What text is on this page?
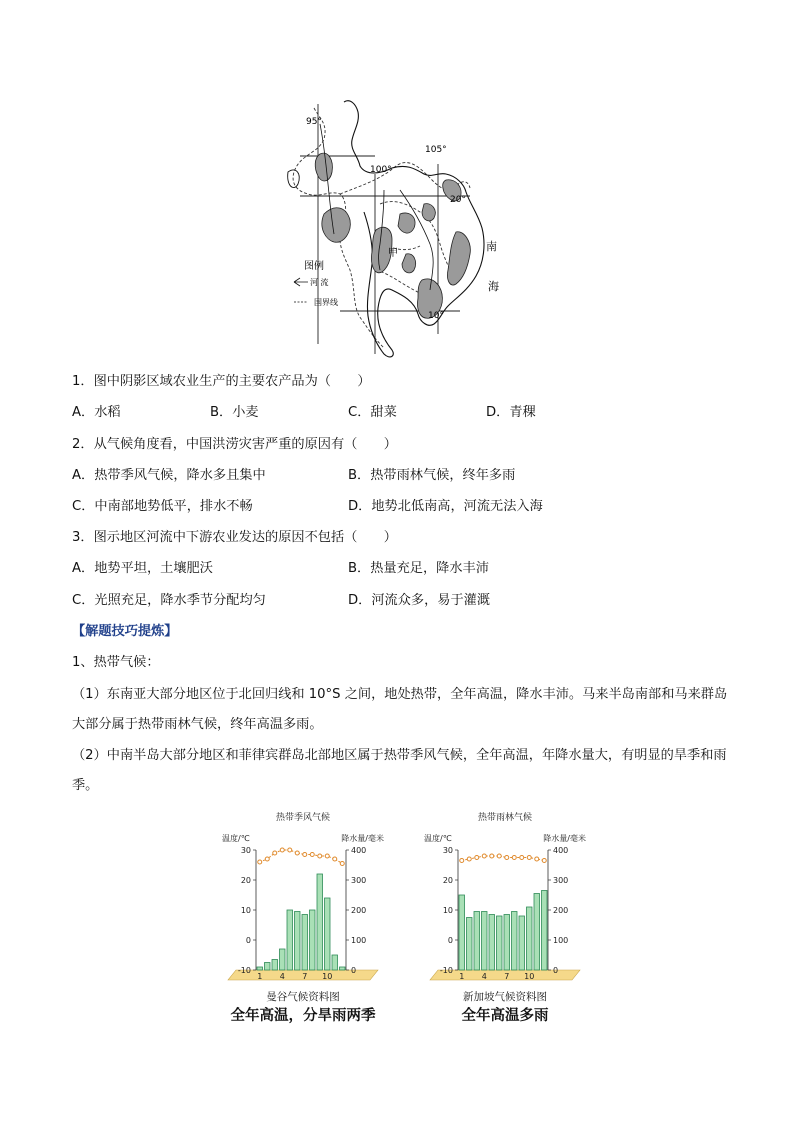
95°
100°
105°
20°
10°
甲
南
海
图例
河 流
国界线
1．图中阴影区域农业生产的主要农产品为（　　）
A．水稻	B．小麦	C．甜菜	D．青稞
2．从气候角度看，中国洪涝灾害严重的原因有（　　）
A．热带季风气候，降水多且集中	B．热带雨林气候，终年多雨
C．中南部地势低平，排水不畅	D．地势北低南高，河流无法入海
3．图示地区河流中下游农业发达的原因不包括（　　）
A．地势平坦，土壤肥沃	B．热量充足，降水丰沛
C．光照充足，降水季节分配均匀	D．河流众多，易于灌溉
【解题技巧提炼】
1、热带气候：
（1）东南亚大部分地区位于北回归线和 10°S 之间，地处热带，全年高温，降水丰沛。马来半岛南部和马来群岛大部分属于热带雨林气候，终年高温多雨。
（2）中南半岛大部分地区和菲律宾群岛北部地区属于热带季风气候，全年高温，年降水量大，有明显的旱季和雨季。
热带季风气候
温度/℃	降水量/毫米
30
20
10
0
-10
400
300
200
100
0
1 4 7 10
热带雨林气候
温度/℃	降水量/毫米
30
20
10
0
-10
400
300
200
100
0
1 4 7 10
曼谷气候资料图
全年高温，分旱雨两季
新加坡气候资料图
全年高温多雨
